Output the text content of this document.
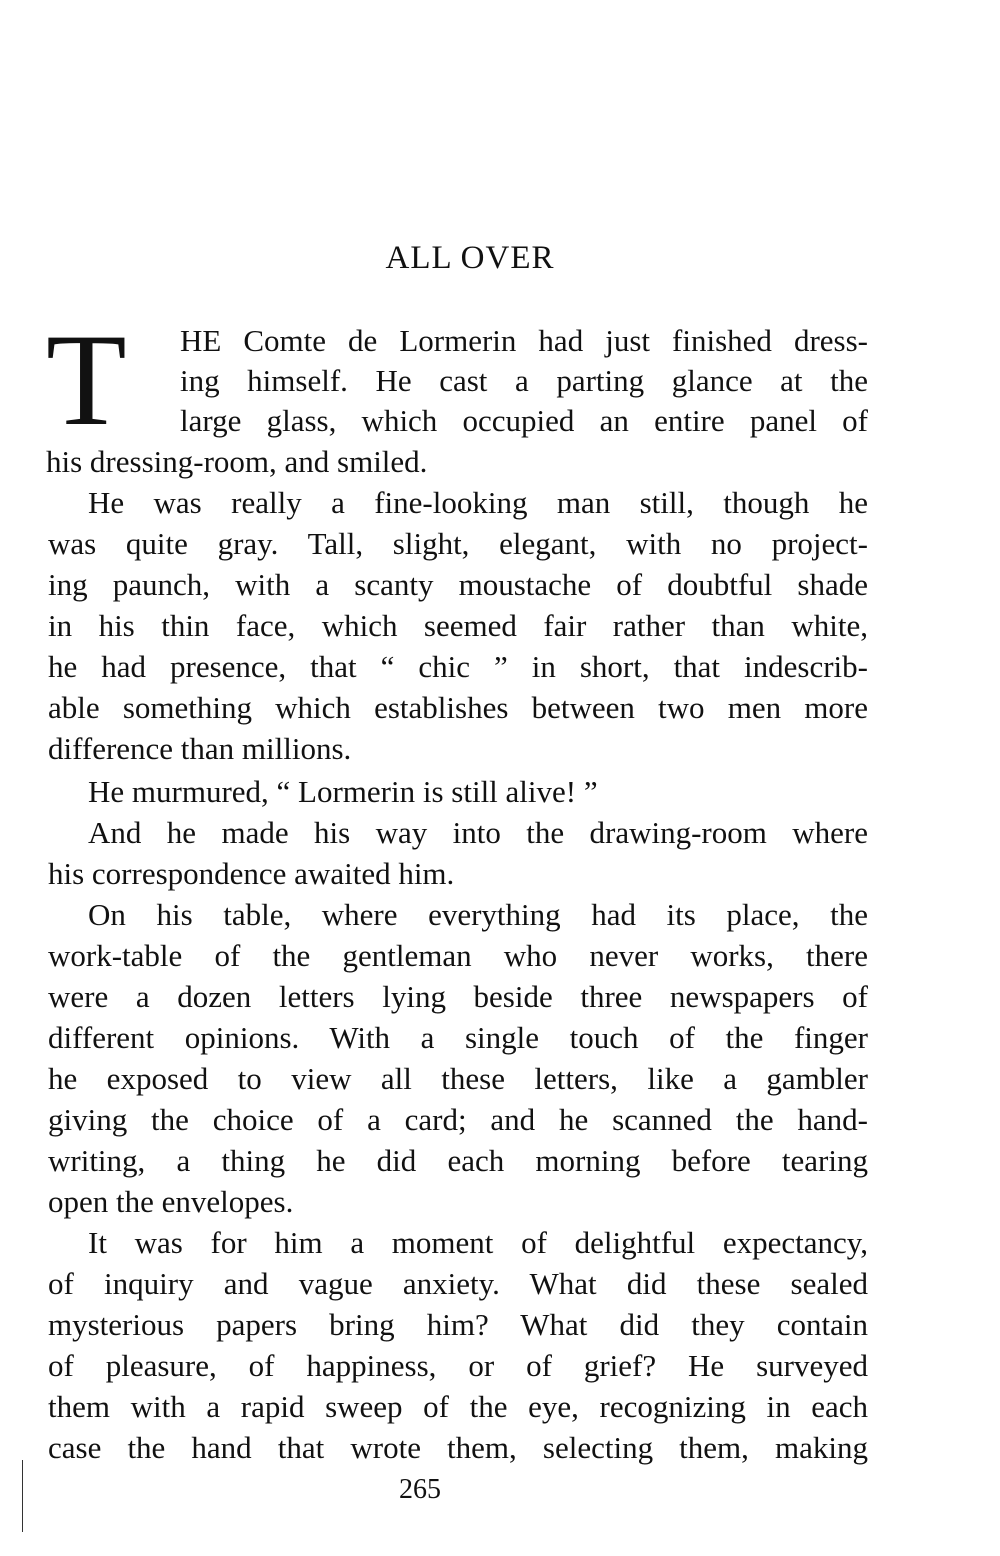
ALL OVER
T HE Comte de Lormerin had just finished dress-
ing himself. He cast a parting glance at the
large glass, which occupied an entire panel of
his dressing-room, and smiled.
He was really a fine-looking man still, though he
was quite gray. Tall, slight, elegant, with no project-
ing paunch, with a scanty moustache of doubtful shade
in his thin face, which seemed fair rather than white,
he had presence, that “ chic ” in short, that indescrib-
able something which establishes between two men more
difference than millions.
He murmured, “ Lormerin is still alive! ”
And he made his way into the drawing-room where
his correspondence awaited him.
On his table, where everything had its place, the
work-table of the gentleman who never works, there
were a dozen letters lying beside three newspapers of
different opinions. With a single touch of the finger
he exposed to view all these letters, like a gambler
giving the choice of a card; and he scanned the hand-
writing, a thing he did each morning before tearing
open the envelopes.
It was for him a moment of delightful expectancy,
of inquiry and vague anxiety. What did these sealed
mysterious papers bring him? What did they contain
of pleasure, of happiness, or of grief? He surveyed
them with a rapid sweep of the eye, recognizing in each
case the hand that wrote them, selecting them, making
265
